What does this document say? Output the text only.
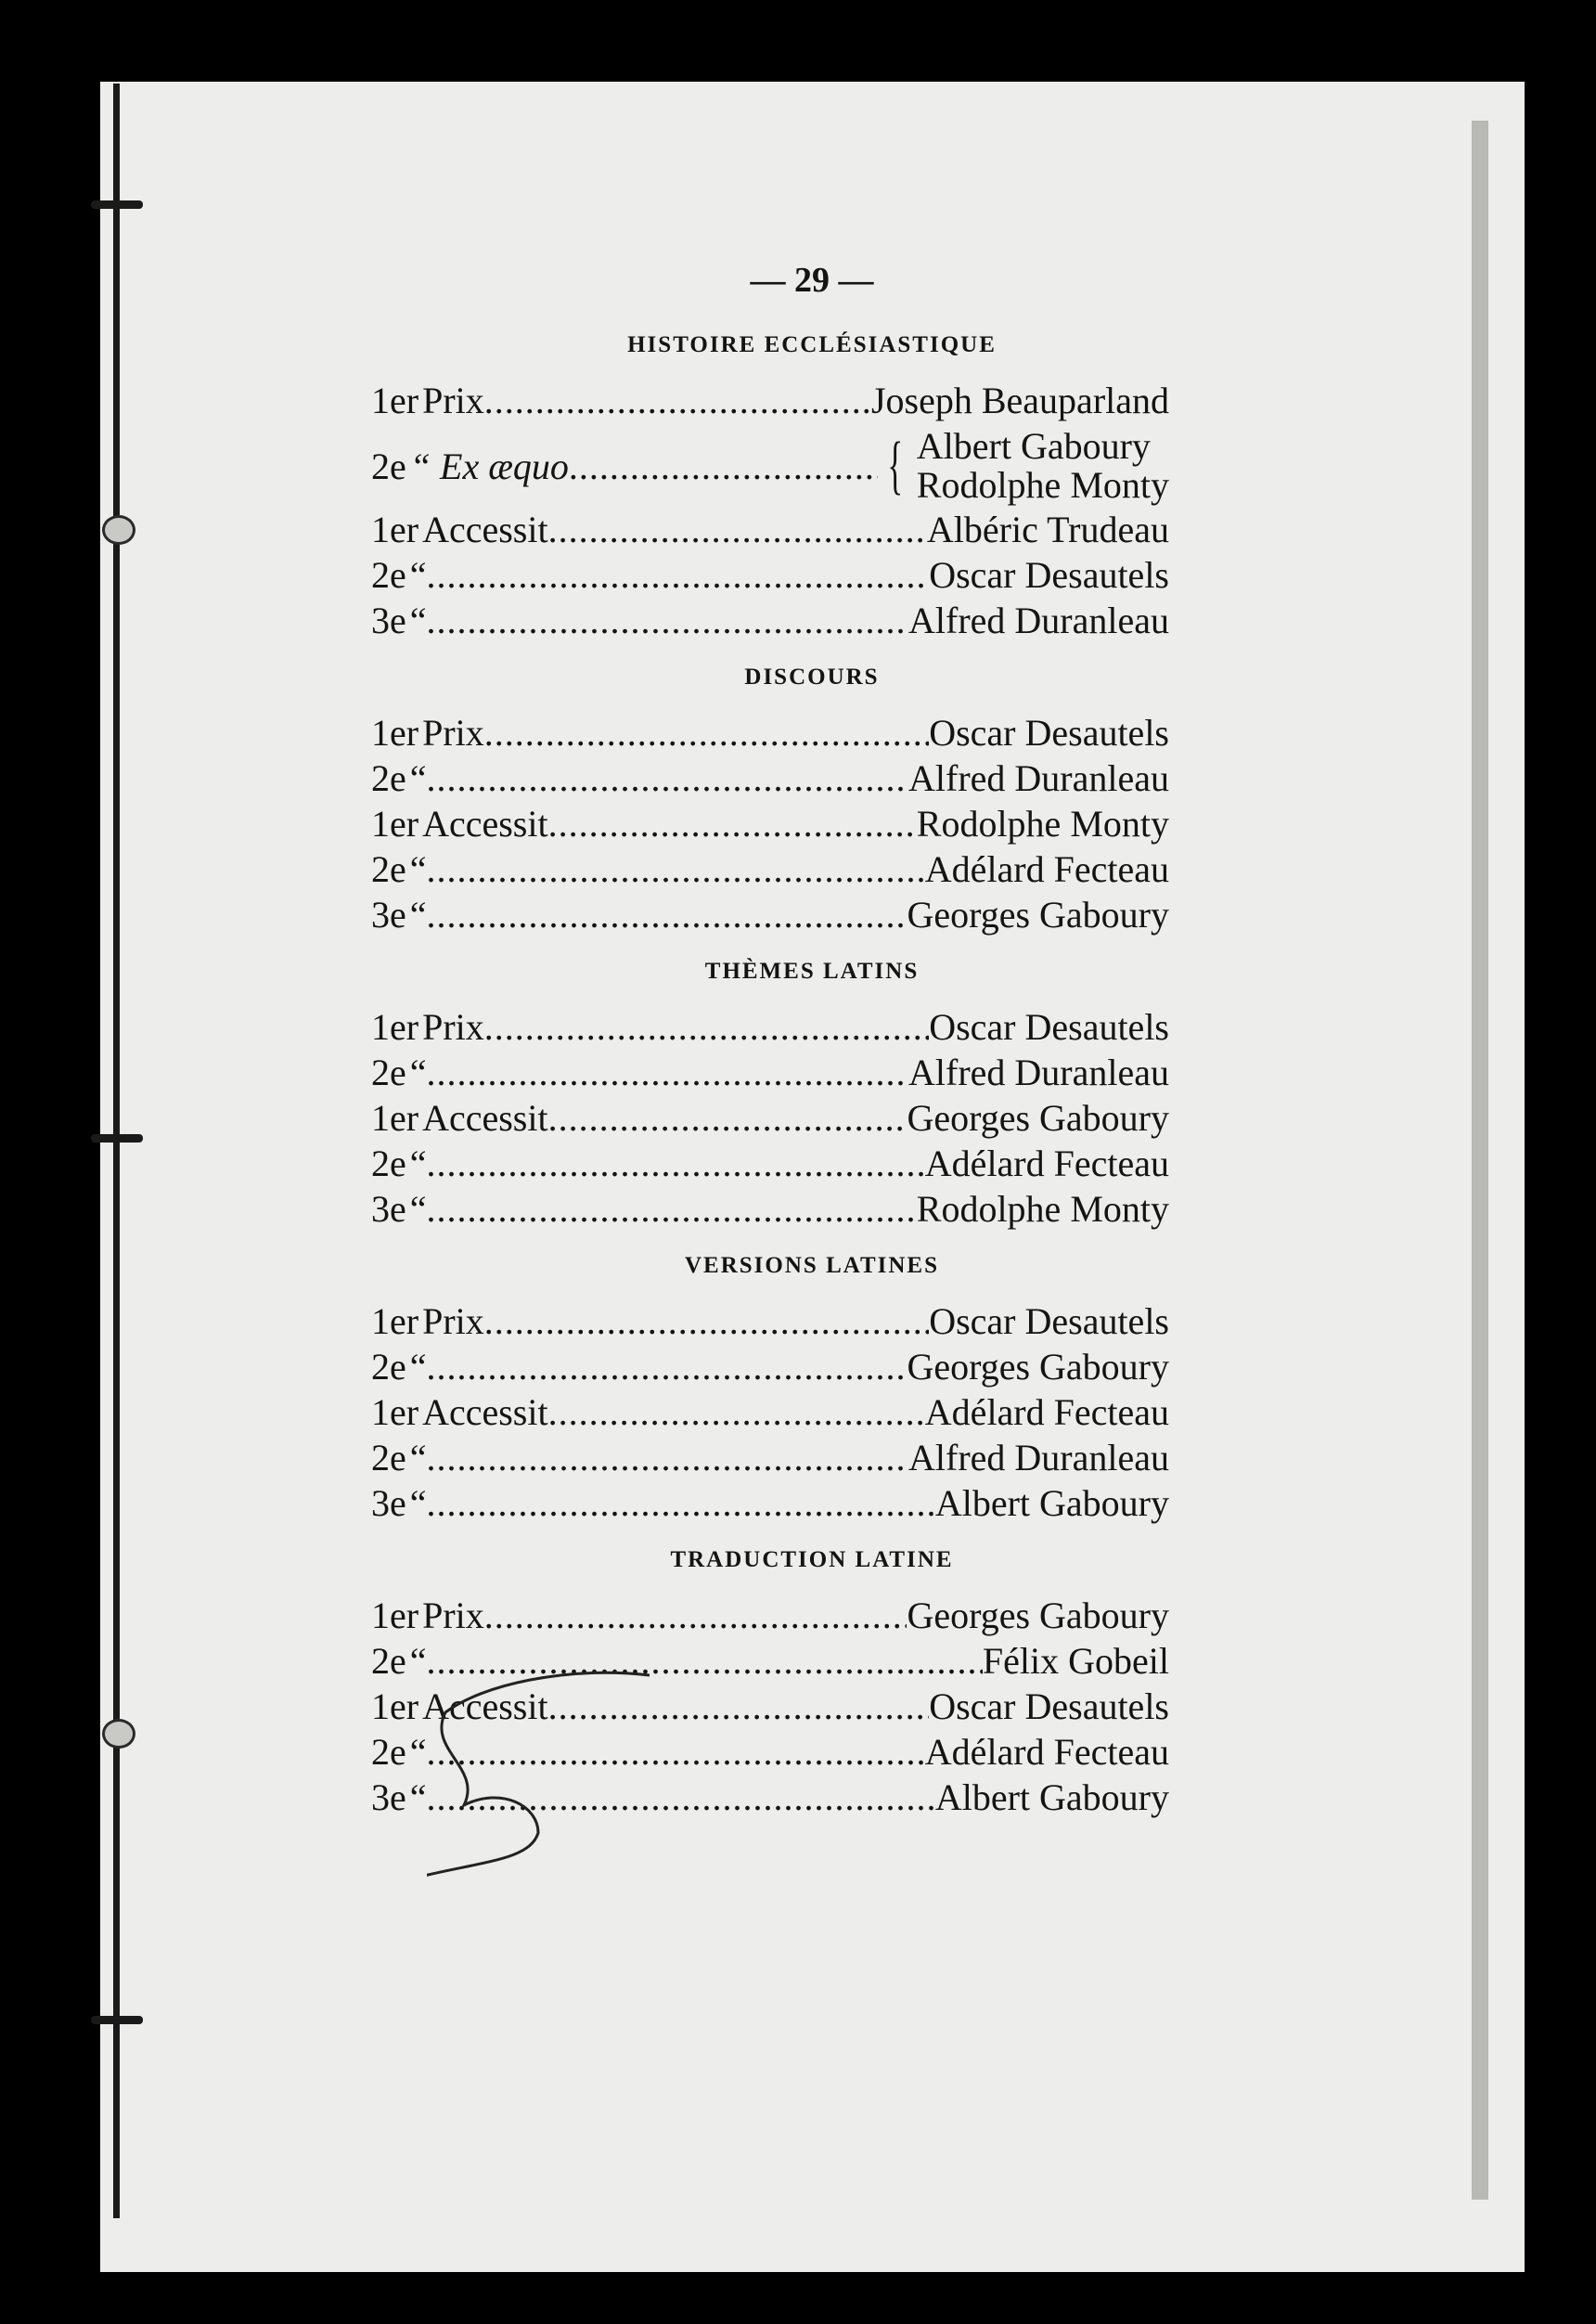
— 29 —
HISTOIRE ECCLÉSIASTIQUE
1er Prix .....	Joseph Beauparland
2e “ Ex æquo .....	{ Albert Gaboury
Rodolphe Monty
1er Accessit .....	Albéric Trudeau
2e “ .....	Oscar Desautels
3e “ .....	Alfred Duranleau
DISCOURS
1er Prix .....	Oscar Desautels
2e “ .....	Alfred Duranleau
1er Accessit .....	Rodolphe Monty
2e “ .....	Adélard Fecteau
3e “ .....	Georges Gaboury
THÈMES LATINS
1er Prix .....	Oscar Desautels
2e “ .....	Alfred Duranleau
1er Accessit .....	Georges Gaboury
2e “ .....	Adélard Fecteau
3e “ .....	Rodolphe Monty
VERSIONS LATINES
1er Prix .....	Oscar Desautels
2e “ .....	Georges Gaboury
1er Accessit .....	Adélard Fecteau
2e “ .....	Alfred Duranleau
3e “ .....	Albert Gaboury
TRADUCTION LATINE
1er Prix .....	Georges Gaboury
2e “ .....	Félix Gobeil
1er Accessit .....	Oscar Desautels
2e “ .....	Adélard Fecteau
3e “ .....	Albert Gaboury
